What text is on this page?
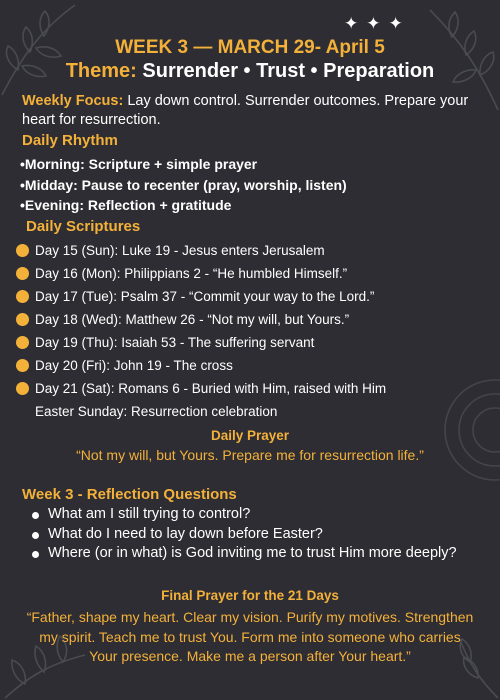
✦✦✦
WEEK 3 — MARCH 29- April 5
Theme: Surrender • Trust • Preparation
Weekly Focus: Lay down control. Surrender outcomes. Prepare your heart for resurrection.
Daily Rhythm
•Morning: Scripture + simple prayer
•Midday: Pause to recenter (pray, worship, listen)
•Evening: Reflection + gratitude
Daily Scriptures
Day 15 (Sun): Luke 19 - Jesus enters Jerusalem
Day 16 (Mon): Philippians 2 - “He humbled Himself.”
Day 17 (Tue): Psalm 37 - “Commit your way to the Lord.”
Day 18 (Wed): Matthew 26 - “Not my will, but Yours.”
Day 19 (Thu): Isaiah 53 - The suffering servant
Day 20 (Fri): John 19 - The cross
Day 21 (Sat): Romans 6 - Buried with Him, raised with Him
Easter Sunday: Resurrection celebration
Daily Prayer
“Not my will, but Yours. Prepare me for resurrection life.”
Week 3 - Reflection Questions
What am I still trying to control?
What do I need to lay down before Easter?
Where (or in what) is God inviting me to trust Him more deeply?
Final Prayer for the 21 Days
“Father, shape my heart. Clear my vision. Purify my motives. Strengthen my spirit. Teach me to trust You. Form me into someone who carries Your presence. Make me a person after Your heart.”
